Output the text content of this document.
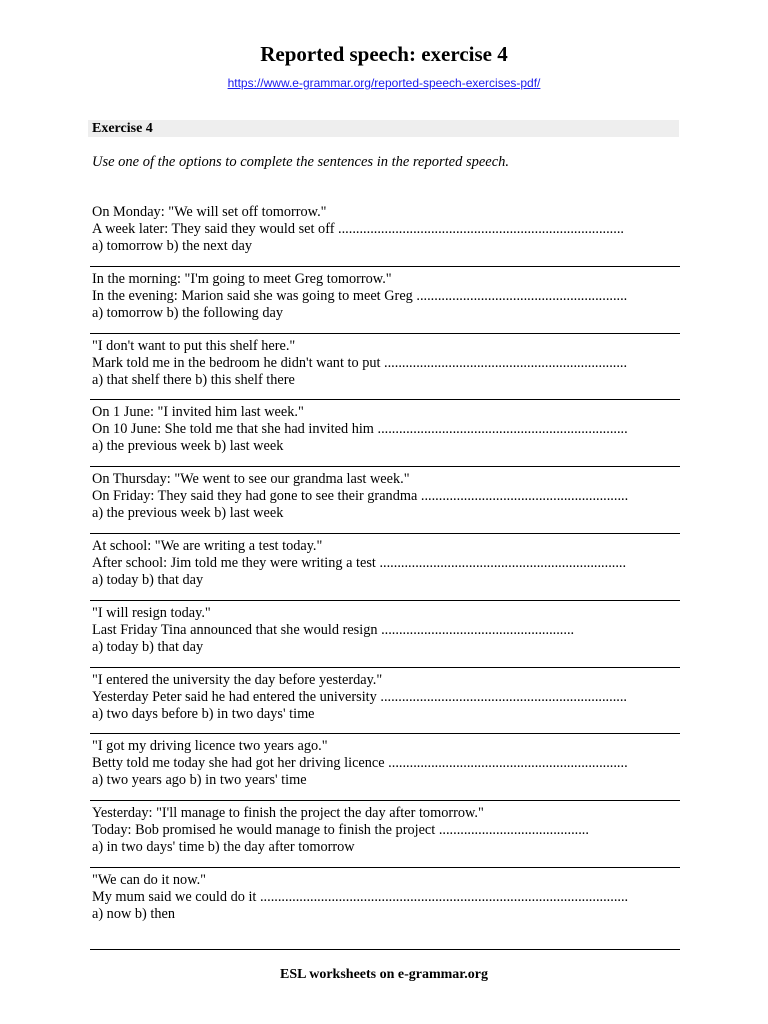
Reported speech: exercise 4
https://www.e-grammar.org/reported-speech-exercises-pdf/
Exercise 4
Use one of the options to complete the sentences in the reported speech.
On Monday: "We will set off tomorrow."
A week later: They said they would set off ................................................................................
a) tomorrow b) the next day
In the morning: "I'm going to meet Greg tomorrow."
In the evening: Marion said she was going to meet Greg ...........................................................
a) tomorrow b) the following day
"I don't want to put this shelf here."
Mark told me in the bedroom he didn't want to put ....................................................................
a) that shelf there b) this shelf there
On 1 June: "I invited him last week."
On 10 June: She told me that she had invited him ......................................................................
a) the previous week b) last week
On Thursday: "We went to see our grandma last week."
On Friday: They said they had gone to see their grandma ..........................................................
a) the previous week b) last week
At school: "We are writing a test today."
After school: Jim told me they were writing a test .....................................................................
a) today b) that day
"I will resign today."
Last Friday Tina announced that she would resign ......................................................
a) today b) that day
"I entered the university the day before yesterday."
Yesterday Peter said he had entered the university .....................................................................
a) two days before b) in two days' time
"I got my driving licence two years ago."
Betty told me today she had got her driving licence ...................................................................
a) two years ago b) in two years' time
Yesterday: "I'll manage to finish the project the day after tomorrow."
Today: Bob promised he would manage to finish the project ..........................................
a) in two days' time b) the day after tomorrow
"We can do it now."
My mum said we could do it .......................................................................................................
a) now b) then
ESL worksheets on e-grammar.org
